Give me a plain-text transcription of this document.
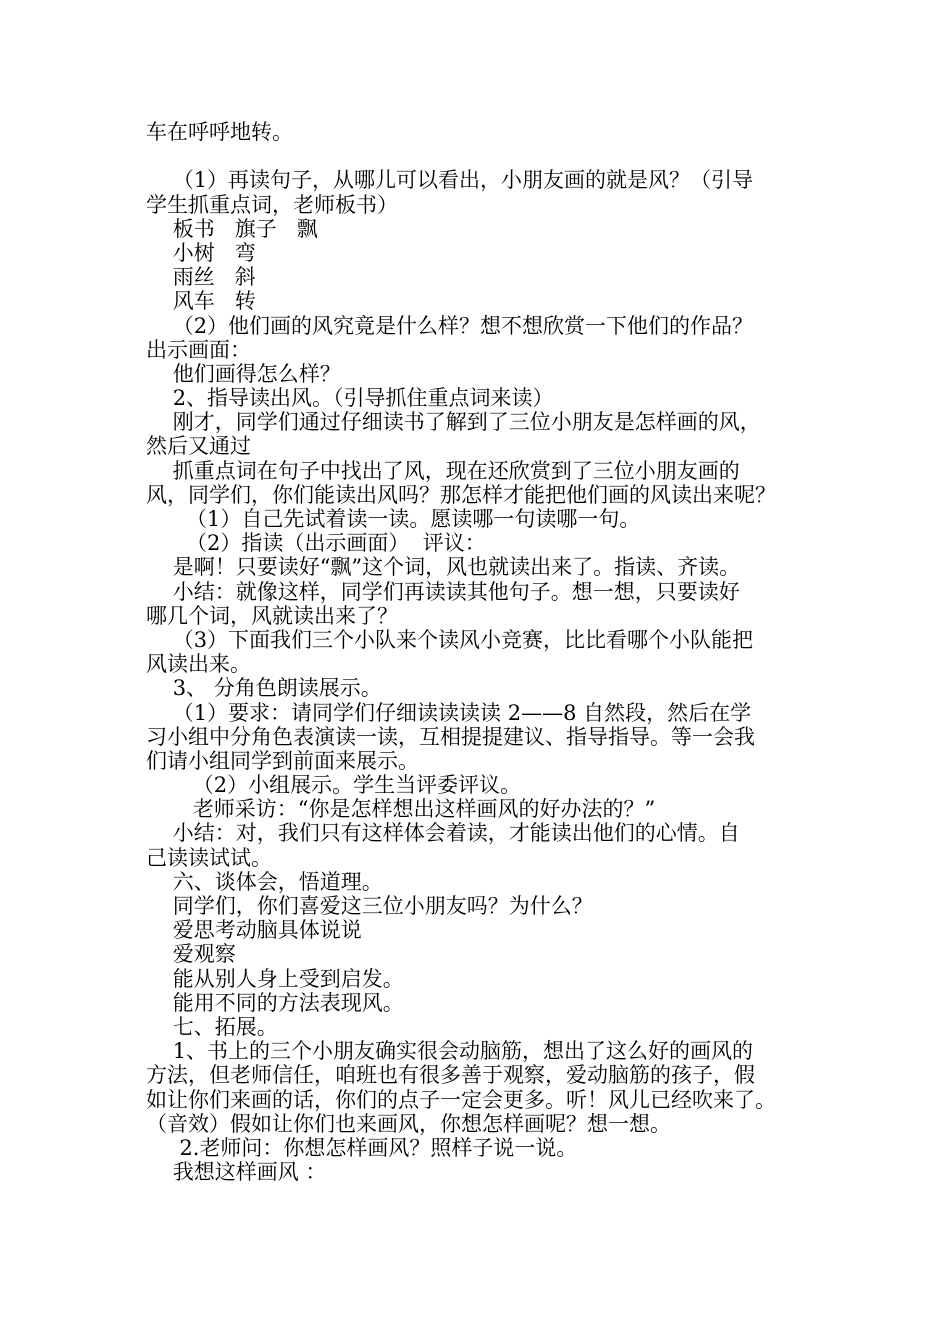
车在呼呼地转。
（1）再读句子，从哪儿可以看出，小朋友画的就是风？（引导
学生抓重点词，老师板书）
板书   旗子   飘
小树   弯
雨丝   斜
风车   转
（2）他们画的风究竟是什么样？想不想欣赏一下他们的作品？
出示画面：
他们画得怎么样？
2、指导读出风。（引导抓住重点词来读）
刚才，同学们通过仔细读书了解到了三位小朋友是怎样画的风，
然后又通过
抓重点词在句子中找出了风，现在还欣赏到了三位小朋友画的
风，同学们，你们能读出风吗？那怎样才能把他们画的风读出来呢？
（1）自己先试着读一读。愿读哪一句读哪一句。
（2）指读（出示画面）  评议：
是啊！只要读好“飘”这个词，风也就读出来了。指读、齐读。
小结：就像这样，同学们再读读其他句子。想一想，只要读好
哪几个词，风就读出来了？
（3）下面我们三个小队来个读风小竞赛，比比看哪个小队能把
风读出来。
3、 分角色朗读展示。
（1）要求：请同学们仔细读读读读 2——8 自然段，然后在学
习小组中分角色表演读一读，互相提提建议、指导指导。等一会我
们请小组同学到前面来展示。
（2）小组展示。学生当评委评议。
老师采访：“你是怎样想出这样画风的好办法的？”
小结：对，我们只有这样体会着读，才能读出他们的心情。自
己读读试试。
六、谈体会，悟道理。
同学们，你们喜爱这三位小朋友吗？为什么？
爱思考动脑具体说说
爱观察
能从别人身上受到启发。
能用不同的方法表现风。
七、拓展。
1、书上的三个小朋友确实很会动脑筋，想出了这么好的画风的
方法，但老师信任，咱班也有很多善于观察，爱动脑筋的孩子，假
如让你们来画的话，你们的点子一定会更多。听！风儿已经吹来了。
（音效）假如让你们也来画风，你想怎样画呢？想一想。
2.老师问：你想怎样画风？照样子说一说。
我想这样画风 ：
